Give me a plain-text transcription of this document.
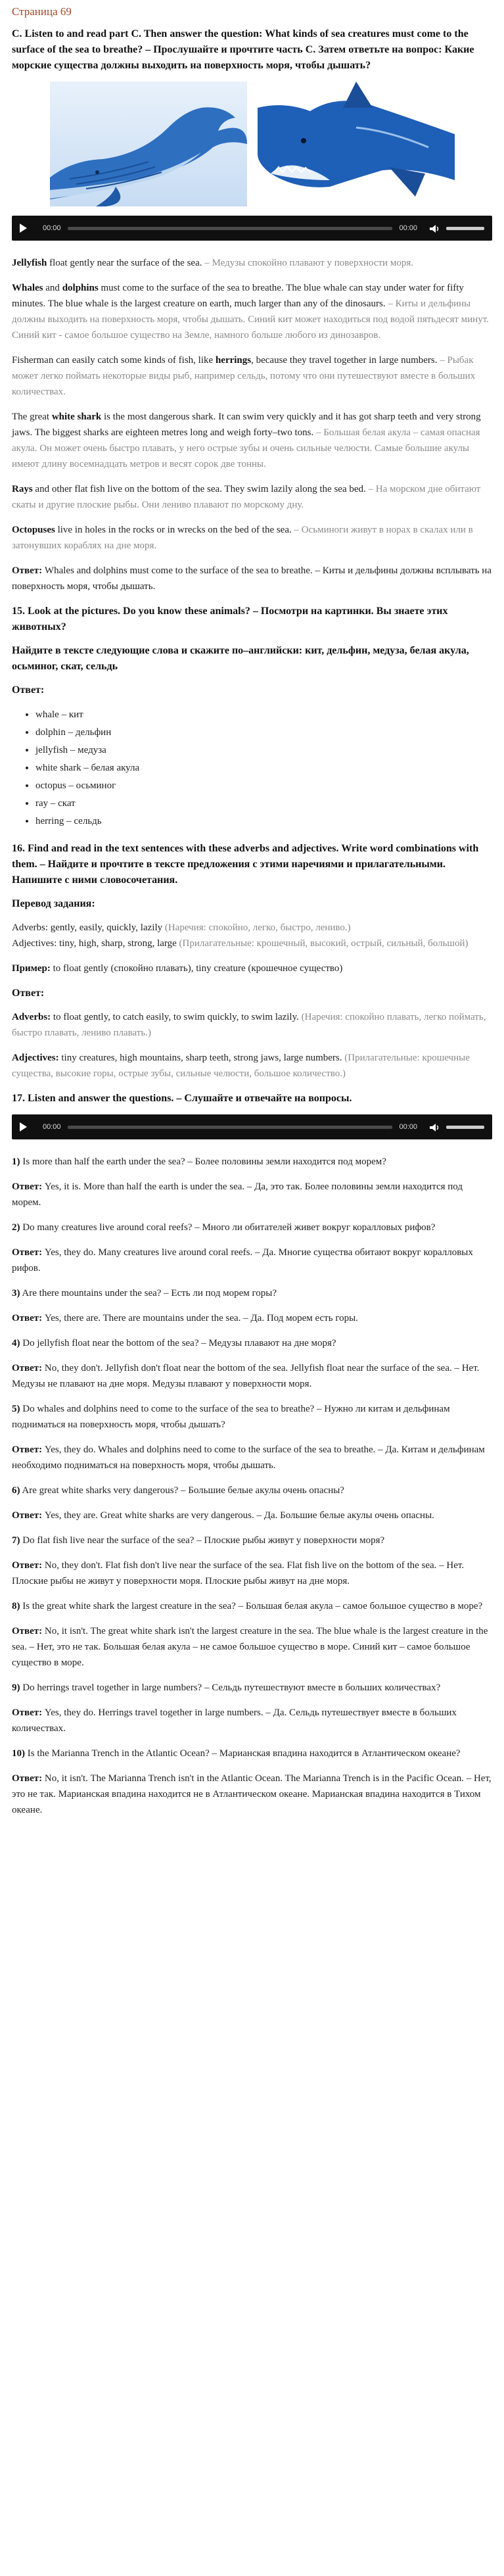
Страница 69
C. Listen to and read part C. Then answer the question: What kinds of sea creatures must come to the surface of the sea to breathe? – Прослушайте и прочтите часть C. Затем ответьте на вопрос: Какие морские существа должны выходить на поверхность моря, чтобы дышать?
00:00	00:00

Jellyfish float gently near the surface of the sea. – Медузы спокойно плавают у поверхности моря.

Whales and dolphins must come to the surface of the sea to breathe. The blue whale can stay under water for fifty minutes. The blue whale is the largest creature on earth, much larger than any of the dinosaurs. – Киты и дельфины должны выходить на поверхность моря, чтобы дышать. Синий кит может находиться под водой пятьдесят минут. Синий кит - самое большое существо на Земле, намного больше любого из динозавров.

Fisherman can easily catch some kinds of fish, like herrings, because they travel together in large numbers. – Рыбак может легко поймать некоторые виды рыб, например сельдь, потому что они путешествуют вместе в больших количествах.

The great white shark is the most dangerous shark. It can swim very quickly and it has got sharp teeth and very strong jaws. The biggest sharks are eighteen metres long and weigh forty–two tons. – Большая белая акула – самая опасная акула. Он может очень быстро плавать, у него острые зубы и очень сильные челюсти. Самые большие акулы имеют длину восемнадцать метров и весят сорок две тонны.

Rays and other flat fish live on the bottom of the sea. They swim lazily along the sea bed. – На морском дне обитают скаты и другие плоские рыбы. Они лениво плавают по морскому дну.

Octopuses live in holes in the rocks or in wrecks on the bed of the sea. – Осьминоги живут в норах в скалах или в затонувших кораблях на дне моря.

Ответ: Whales and dolphins must come to the surface of the sea to breathe. – Киты и дельфины должны всплывать на поверхность моря, чтобы дышать.

15. Look at the pictures. Do you know these animals? – Посмотри на картинки. Вы знаете этих животных?
Найдите в тексте следующие слова и скажите по–английски: кит, дельфин, медуза, белая акула, осьминог, скат, сельдь
Ответ:
• whale – кит
• dolphin – дельфин
• jellyfish – медуза
• white shark – белая акула
• octopus – осьминог
• ray – скат
• herring – сельдь
16. Find and read in the text sentences with these adverbs and adjectives. Write word combinations with them. – Найдите и прочтите в тексте предложения с этими наречиями и прилагательными. Напишите с ними словосочетания.
Перевод задания:

Adverbs: gently, easily, quickly, lazily (Наречия: спокойно, легко, быстро, лениво.)
Adjectives: tiny, high, sharp, strong, large (Прилагательные: крошечный, высокий, острый, сильный, большой)

Пример: to float gently (спокойно плавать), tiny creature (крошечное существо)

Ответ:

Adverbs: to float gently, to catch easily, to swim quickly, to swim lazily. (Наречия: спокойно плавать, легко поймать, быстро плавать, лениво плавать.)

Adjectives: tiny creatures, high mountains, sharp teeth, strong jaws, large numbers. (Прилагательные: крошечные существа, высокие горы, острые зубы, сильные челюсти, большое количество.)

17. Listen and answer the questions. – Слушайте и отвечайте на вопросы.
00:00	00:00

1) Is more than half the earth under the sea? – Более половины земли находится под морем?

Ответ: Yes, it is. More than half the earth is under the sea. – Да, это так. Более половины земли находится под морем.

2) Do many creatures live around coral reefs? – Много ли обитателей живет вокруг коралловых рифов?

Ответ: Yes, they do. Many creatures live around coral reefs. – Да. Многие существа обитают вокруг коралловых рифов.

3) Are there mountains under the sea? – Есть ли под морем горы?

Ответ: Yes, there are. There are mountains under the sea. – Да. Под морем есть горы.

4) Do jellyfish float near the bottom of the sea? – Медузы плавают на дне моря?

Ответ: No, they don't. Jellyfish don't float near the bottom of the sea. Jellyfish float near the surface of the sea. – Нет. Медузы не плавают на дне моря. Медузы плавают у поверхности моря.

5) Do whales and dolphins need to come to the surface of the sea to breathe? – Нужно ли китам и дельфинам подниматься на поверхность моря, чтобы дышать?

Ответ: Yes, they do. Whales and dolphins need to come to the surface of the sea to breathe. – Да. Китам и дельфинам необходимо подниматься на поверхность моря, чтобы дышать.

6) Are great white sharks very dangerous? – Большие белые акулы очень опасны?

Ответ: Yes, they are. Great white sharks are very dangerous. – Да. Большие белые акулы очень опасны.

7) Do flat fish live near the surface of the sea? – Плоские рыбы живут у поверхности моря?

Ответ: No, they don't. Flat fish don't live near the surface of the sea. Flat fish live on the bottom of the sea. – Нет. Плоские рыбы не живут у поверхности моря. Плоские рыбы живут на дне моря.

8) Is the great white shark the largest creature in the sea? – Большая белая акула – самое большое существо в море?

Ответ: No, it isn't. The great white shark isn't the largest creature in the sea. The blue whale is the largest creature in the sea. – Нет, это не так. Большая белая акула – не самое большое существо в море. Синий кит – самое большое существо в море.

9) Do herrings travel together in large numbers? – Сельдь путешествуют вместе в больших количествах?

Ответ: Yes, they do. Herrings travel together in large numbers. – Да. Сельдь путешествует вместе в больших количествах.

10) Is the Marianna Trench in the Atlantic Ocean? – Марианская впадина находится в Атлантическом океане?

Ответ: No, it isn't. The Marianna Trench isn't in the Atlantic Ocean. The Marianna Trench is in the Pacific Ocean. – Нет, это не так. Марианская впадина находится не в Атлантическом океане. Марианская впадина находится в Тихом океане.
